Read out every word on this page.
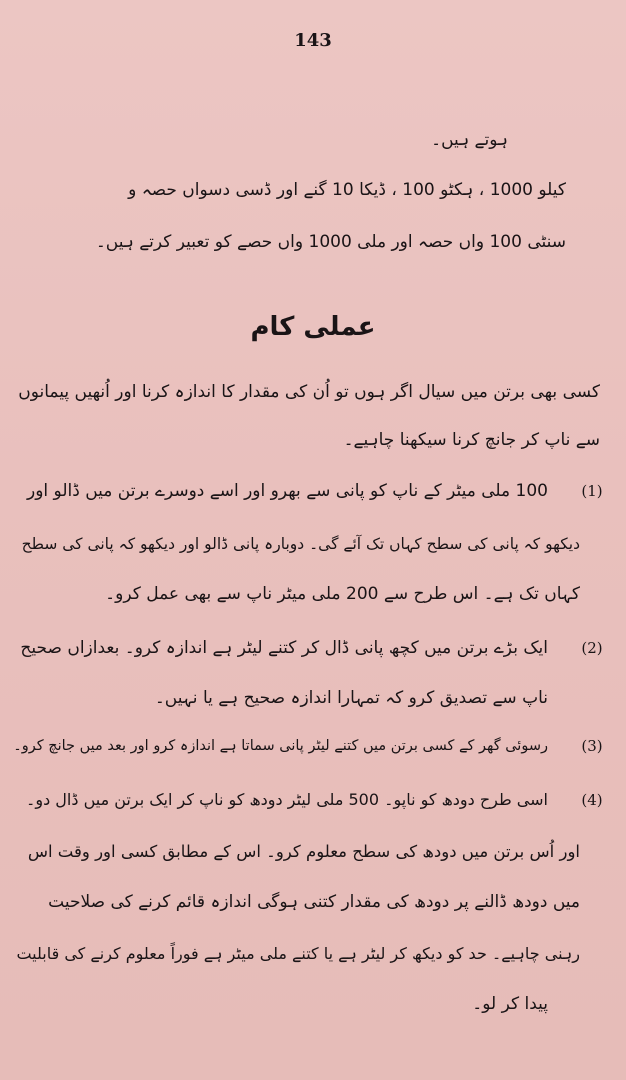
143
ہوتے ہیں۔
کیلو 1000 ، ہکٹو 100 ، ڈیکا 10 گنے اور ڈسی دسواں حصہ و
سنٹی 100 واں حصہ اور ملی 1000 واں حصے کو تعبیر کرتے ہیں۔
عملی کام
کسی بھی برتن میں سیال اگر ہوں تو اُن کی مقدار کا اندازہ کرنا اور اُنھیں پیمانوں
سے ناپ کر جانچ کرنا سیکھنا چاہیے۔
(1)
100 ملی میٹر کے ناپ کو پانی سے بھرو اور اسے دوسرے برتن میں ڈالو اور
دیکھو کہ پانی کی سطح کہاں تک آئے گی۔ دوبارہ پانی ڈالو اور دیکھو کہ پانی کی سطح
کہاں تک ہے۔ اس طرح سے 200 ملی میٹر ناپ سے بھی عمل کرو۔
(2)
ایک بڑے برتن میں کچھ پانی ڈال کر کتنے لیٹر ہے اندازہ کرو۔ بعدازاں صحیح
ناپ سے تصدیق کرو کہ تمہارا اندازہ صحیح ہے یا نہیں۔
(3)
رسوئی گھر کے کسی برتن میں کتنے لیٹر پانی سماتا ہے اندازہ کرو اور بعد میں جانچ کرو۔
(4)
اسی طرح دودھ کو ناپو۔ 500 ملی لیٹر دودھ کو ناپ کر ایک برتن میں ڈال دو۔
اور اُس برتن میں دودھ کی سطح معلوم کرو۔ اس کے مطابق کسی اور وقت اس
میں دودھ ڈالنے پر دودھ کی مقدار کتنی ہوگی اندازہ قائم کرنے کی صلاحیت
رہنی چاہیے۔ حد کو دیکھ کر لیٹر ہے یا کتنے ملی میٹر ہے فوراً معلوم کرنے کی قابلیت
پیدا کر لو۔
